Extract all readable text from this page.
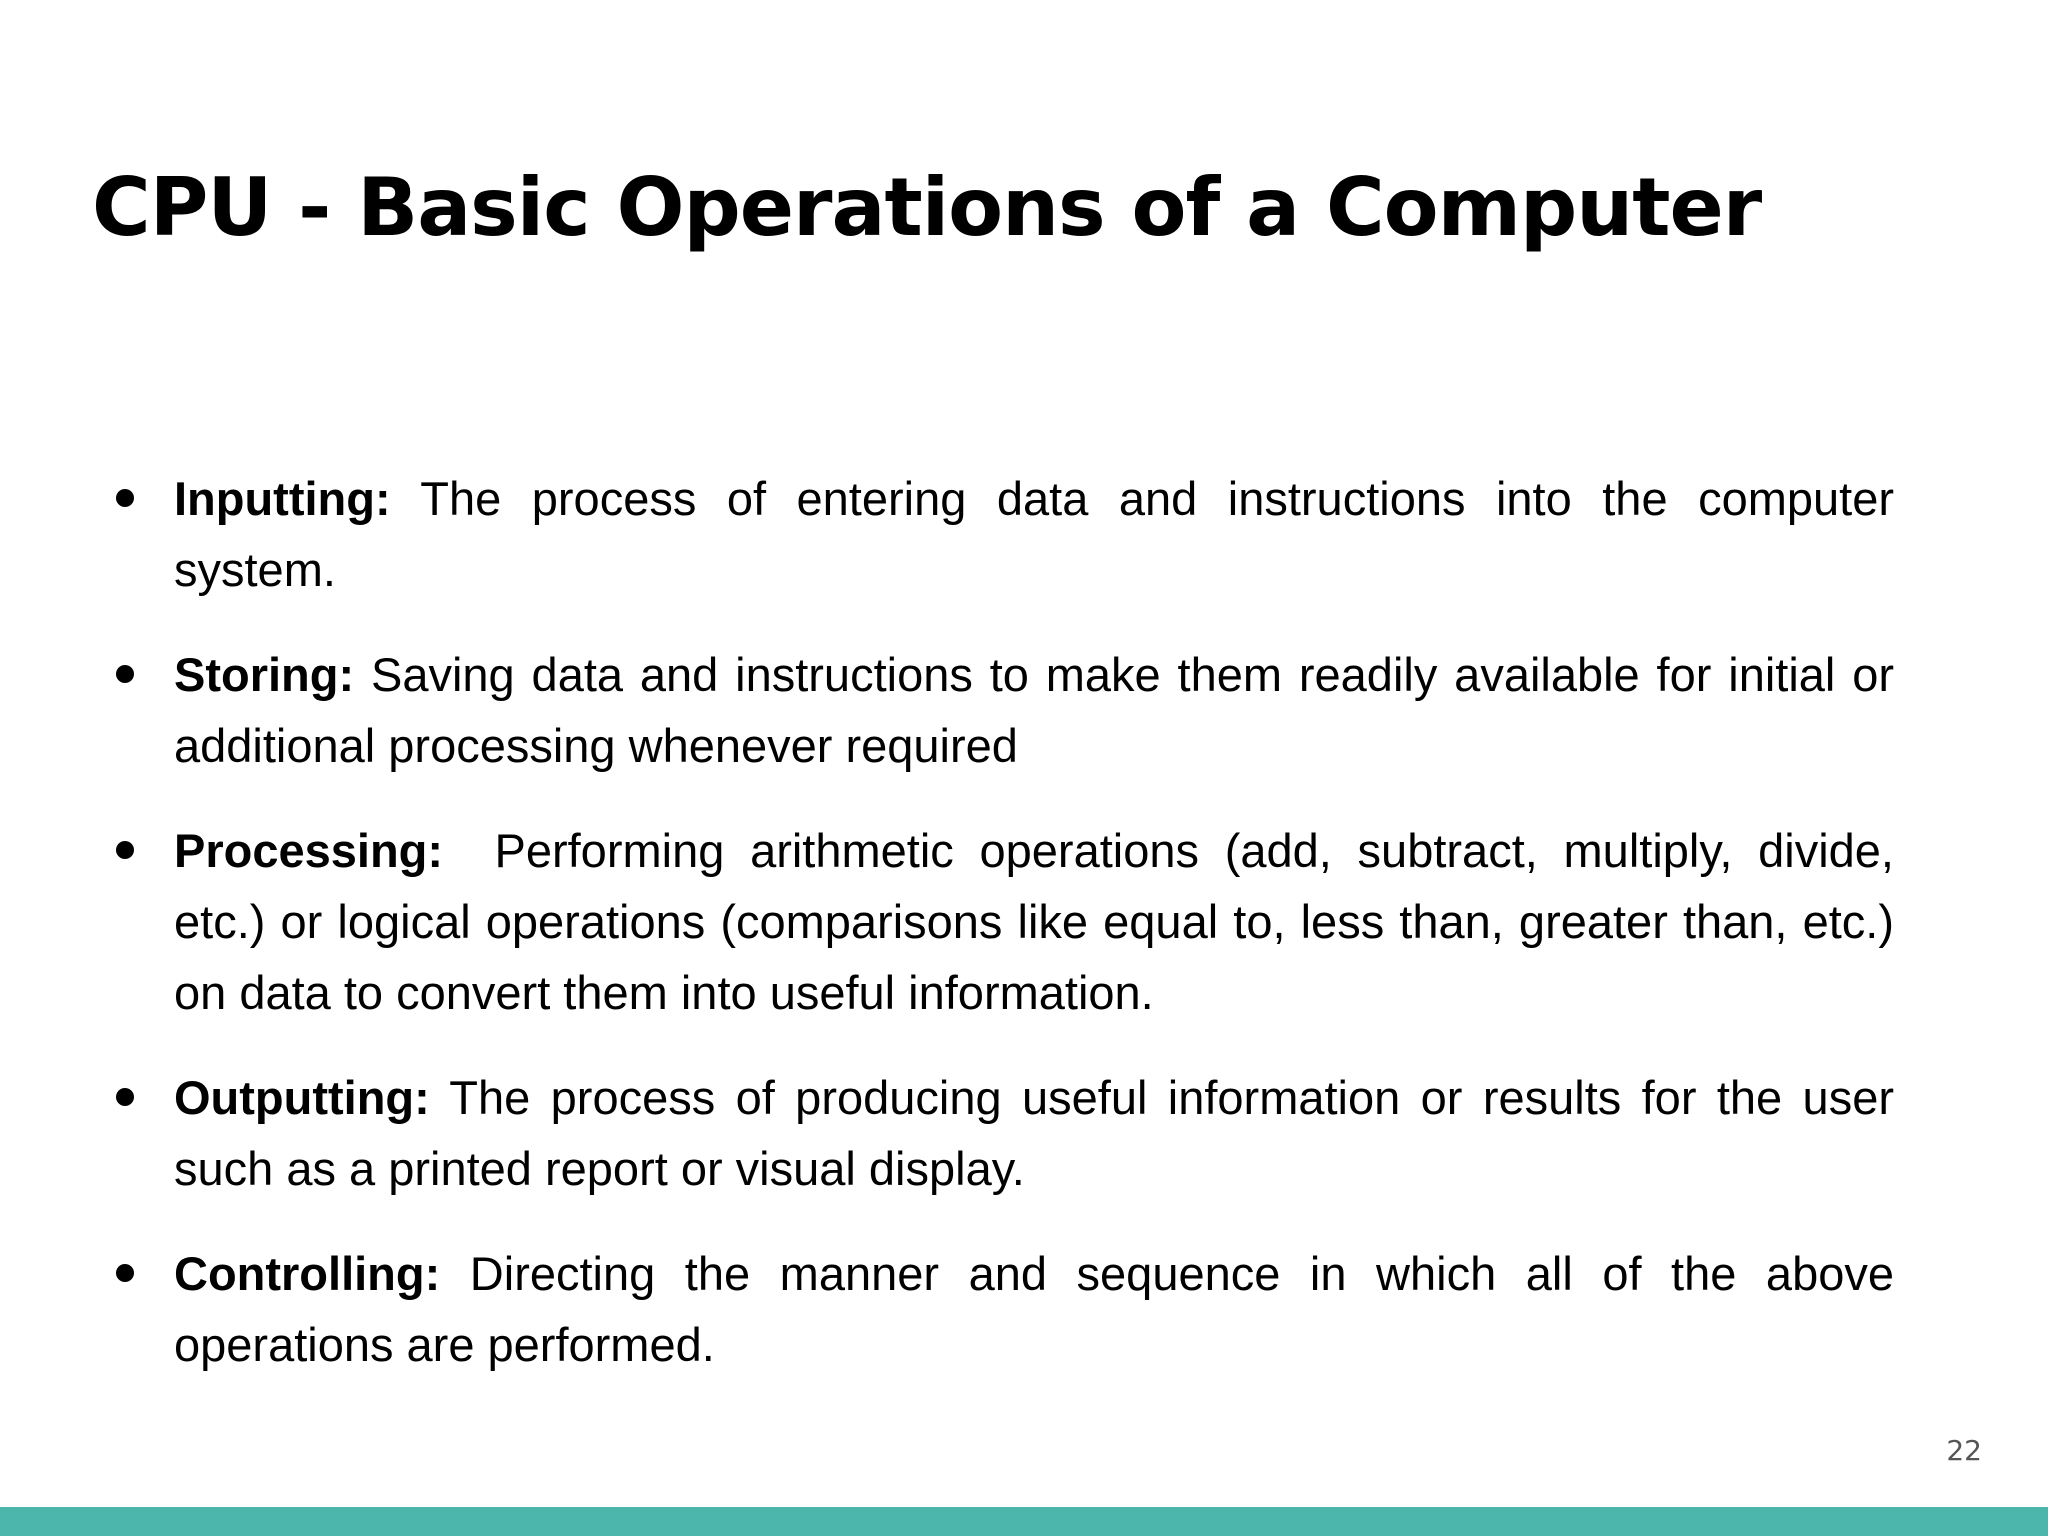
CPU - Basic Operations of a Computer
Inputting: The process of entering data and instructions into the computer system.
Storing: Saving data and instructions to make them readily available for initial or additional processing whenever required
Processing:  Performing arithmetic operations (add, subtract, multiply, divide, etc.) or logical operations (comparisons like equal to, less than, greater than, etc.) on data to convert them into useful information.
Outputting: The process of producing useful information or results for the user such as a printed report or visual display.
Controlling: Directing the manner and sequence in which all of the above operations are performed.
22
